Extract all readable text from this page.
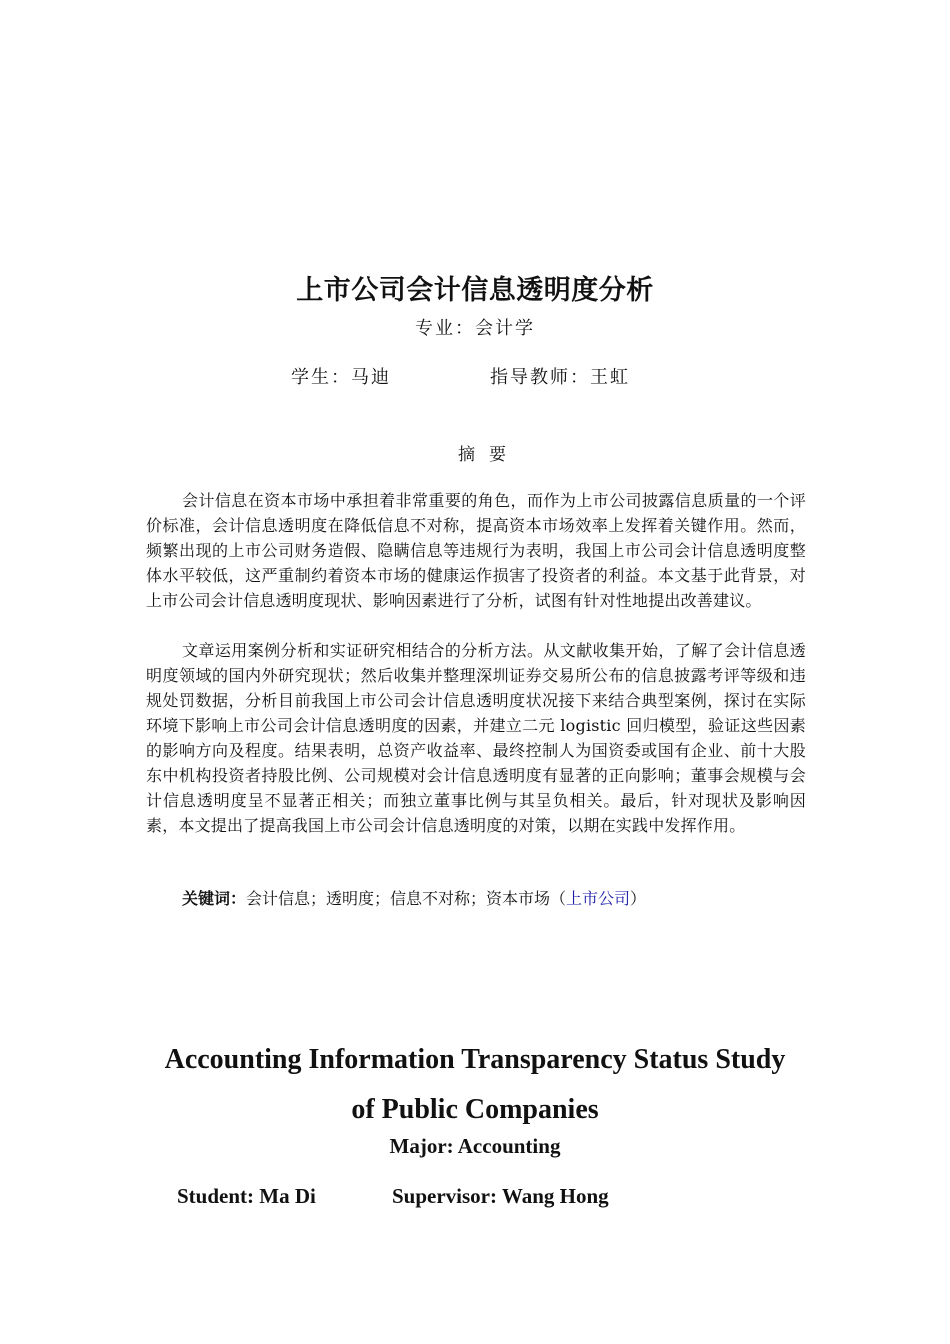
上市公司会计信息透明度分析
专业：会计学
学生：马迪	指导教师：王虹
摘要
会计信息在资本市场中承担着非常重要的角色，而作为上市公司披露信息质量的一个评价标准，会计信息透明度在降低信息不对称，提高资本市场效率上发挥着关键作用。然而，频繁出现的上市公司财务造假、隐瞒信息等违规行为表明，我国上市公司会计信息透明度整体水平较低，这严重制约着资本市场的健康运作损害了投资者的利益。本文基于此背景，对上市公司会计信息透明度现状、影响因素进行了分析，试图有针对性地提出改善建议。
文章运用案例分析和实证研究相结合的分析方法。从文献收集开始，了解了会计信息透明度领域的国内外研究现状；然后收集并整理深圳证券交易所公布的信息披露考评等级和违规处罚数据，分析目前我国上市公司会计信息透明度状况接下来结合典型案例，探讨在实际环境下影响上市公司会计信息透明度的因素，并建立二元 logistic 回归模型，验证这些因素的影响方向及程度。结果表明，总资产收益率、最终控制人为国资委或国有企业、前十大股东中机构投资者持股比例、公司规模对会计信息透明度有显著的正向影响；董事会规模与会计信息透明度呈不显著正相关；而独立董事比例与其呈负相关。最后，针对现状及影响因素，本文提出了提高我国上市公司会计信息透明度的对策，以期在实践中发挥作用。
关键词：会计信息；透明度；信息不对称；资本市场（上市公司）
Accounting Information Transparency Status Study
of Public Companies
Major: Accounting
Student: Ma Di	Supervisor: Wang Hong
